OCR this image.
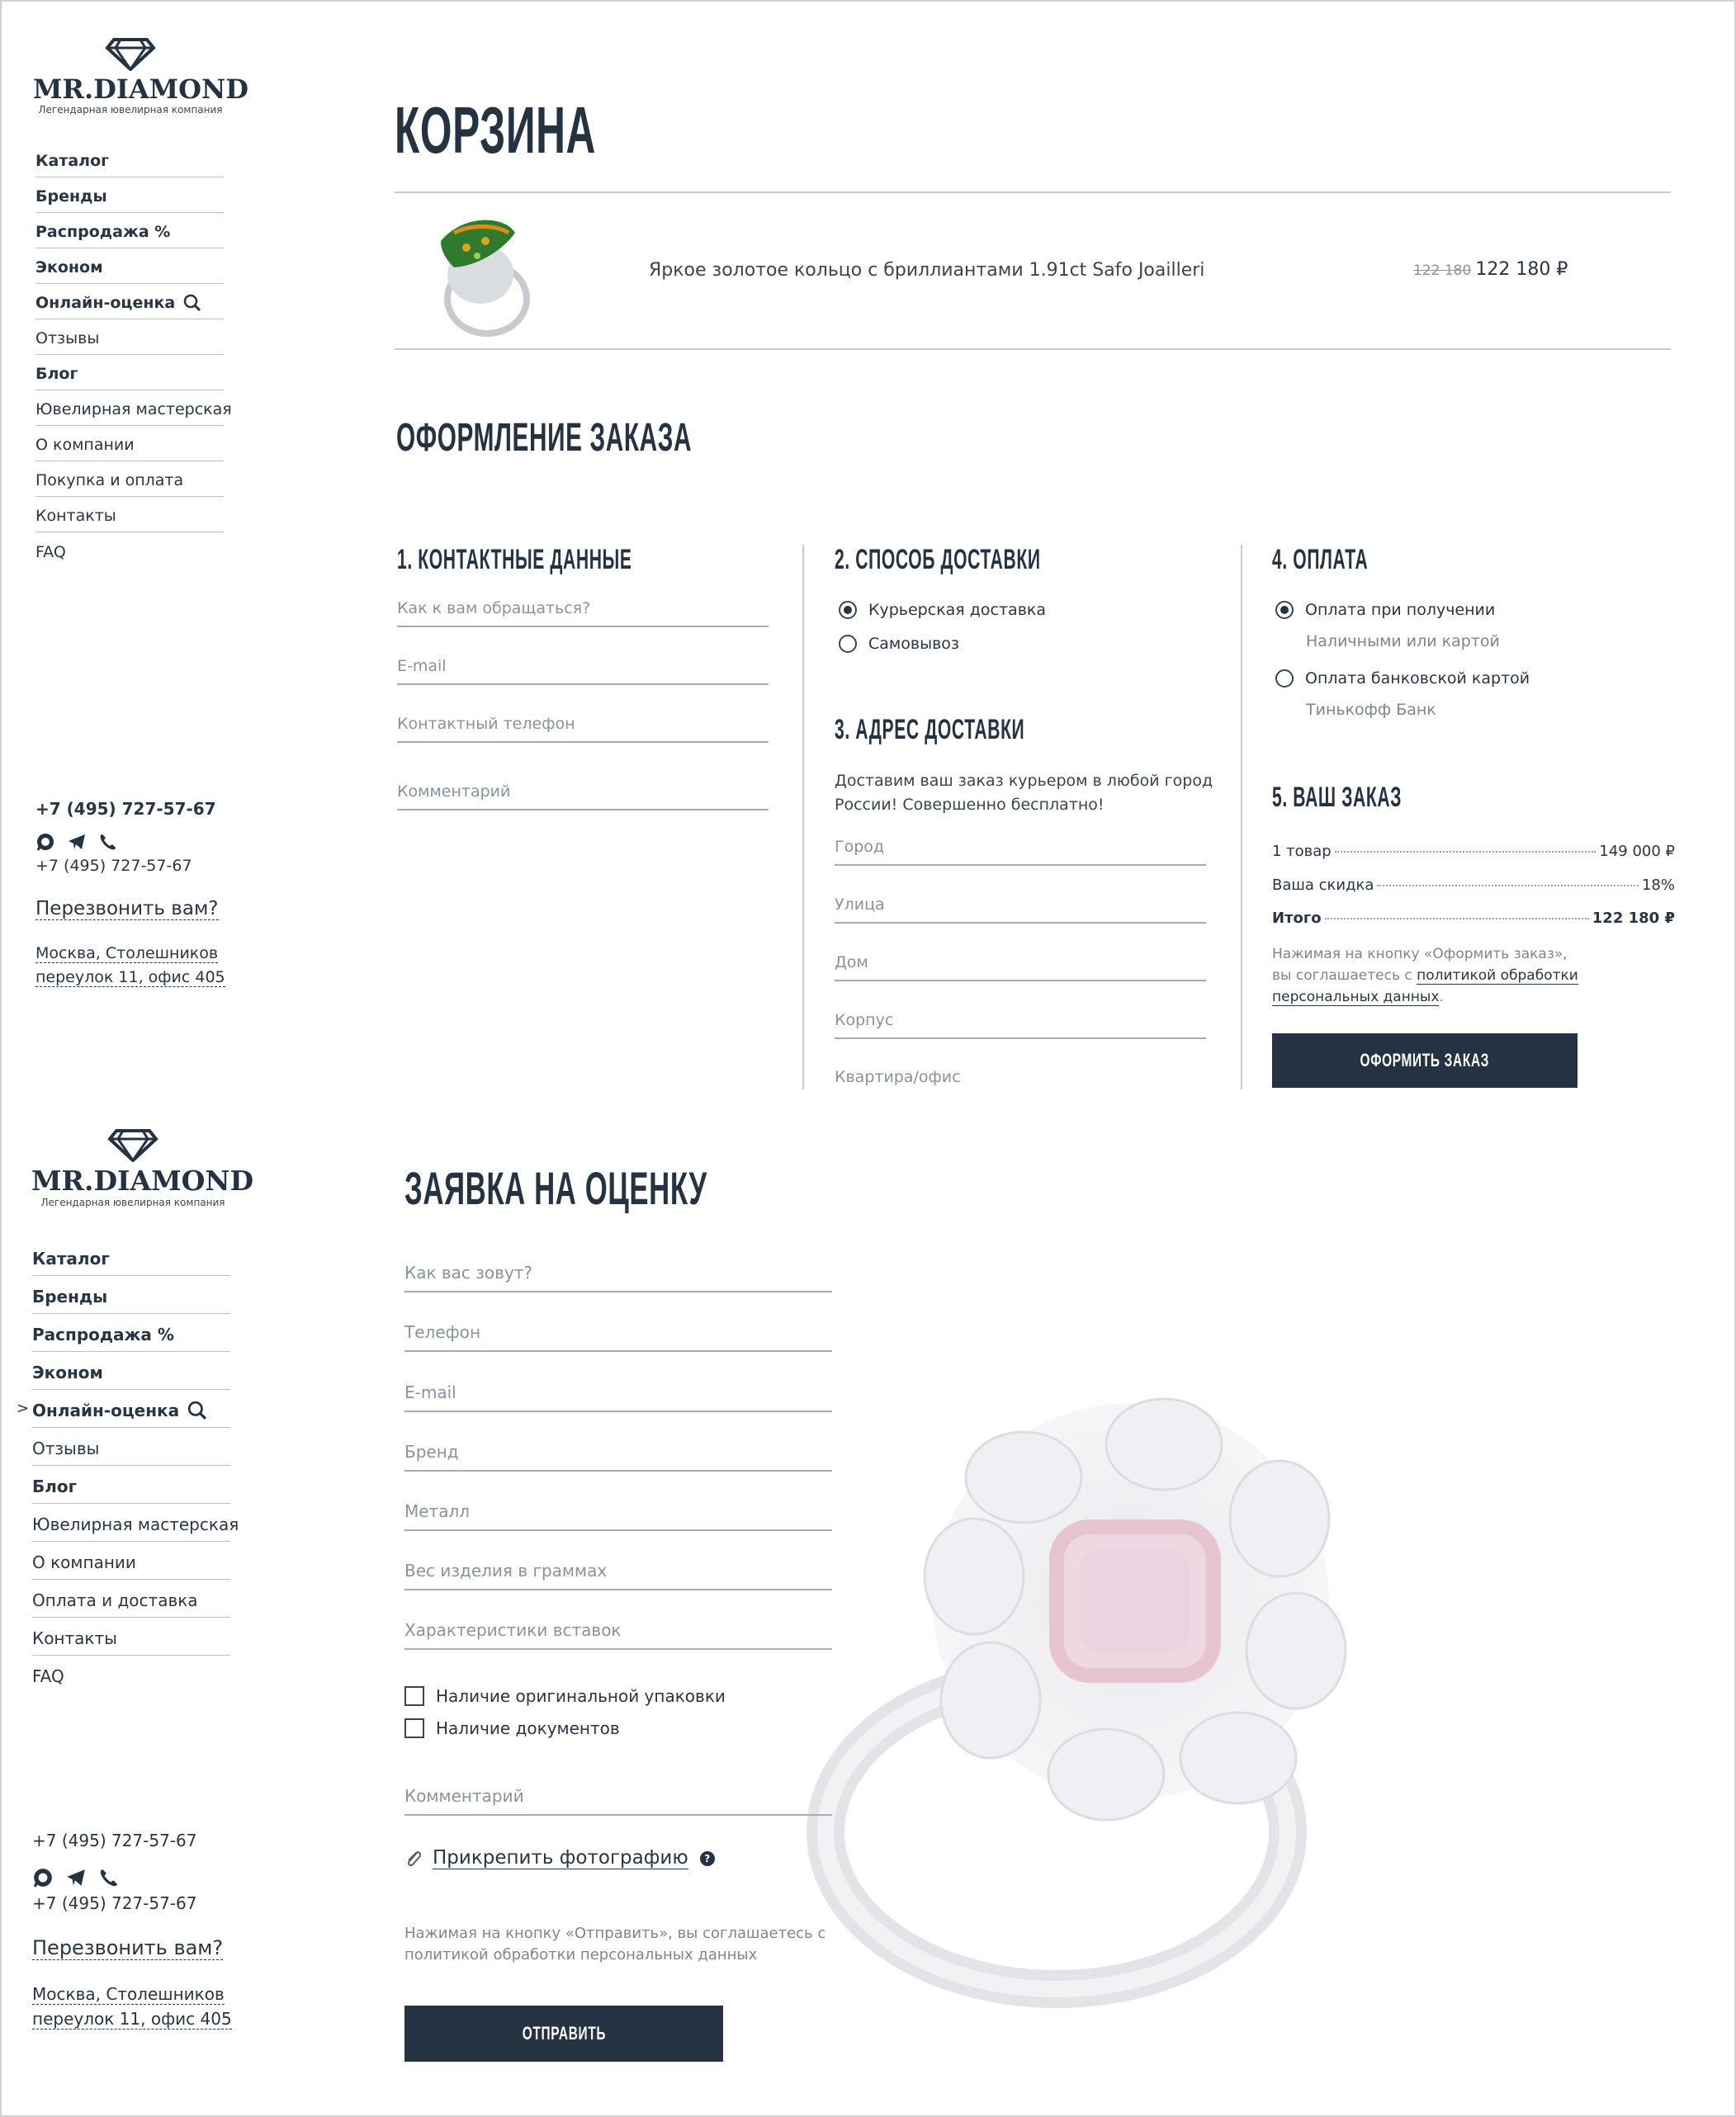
MR.DIAMOND
Легендарная ювелирная компания
Каталог
Бренды
Распродажа %
Эконом
Онлайн-оценка
Отзывы
Блог
Ювелирная мастерская
О компании
Покупка и оплата
Контакты
FAQ
+7 (495) 727-57-67
+7 (495) 727-57-67
Перезвонить вам?
Москва, Столешников
переулок 11, офис 405
КОРЗИНА
Яркое золотое кольцо с бриллиантами 1.91ct Safo Joailleri	122 180 122 180 ₽
ОФОРМЛЕНИЕ ЗАКАЗА
1. КОНТАКТНЫЕ ДАННЫЕ
Как к вам обращаться?
E-mail
Контактный телефон
Комментарий
2. СПОСОБ ДОСТАВКИ
Курьерская доставка
Самовывоз
3. АДРЕС ДОСТАВКИ
Доставим ваш заказ курьером в любой город
России! Совершенно бесплатно!
Город
Улица
Дом
Корпус
Квартира/офис
4. ОПЛАТА
Оплата при получении
Наличными или картой
Оплата банковской картой
Тинькофф Банк
5. ВАШ ЗАКАЗ
1 товар	149 000 ₽
Ваша скидка	18%
Итого	122 180 ₽
Нажимая на кнопку «Оформить заказ»,
вы соглашаетесь с политикой обработки
персональных данных.
ОФОРМИТЬ ЗАКАЗ
MR.DIAMOND
Легендарная ювелирная компания
>
Каталог
Бренды
Распродажа %
Эконом
Онлайн-оценка
Отзывы
Блог
Ювелирная мастерская
О компании
Оплата и доставка
Контакты
FAQ
+7 (495) 727-57-67
+7 (495) 727-57-67
Перезвонить вам?
Москва, Столешников
переулок 11, офис 405
ЗАЯВКА НА ОЦЕНКУ
Как вас зовут?
Телефон
E-mail
Бренд
Металл
Вес изделия в граммах
Характеристики вставок
Наличие оригинальной упаковки
Наличие документов
Комментарий
Прикрепить фотографию	?
Нажимая на кнопку «Отправить», вы соглашаетесь с
политикой обработки персональных данных
ОТПРАВИТЬ
